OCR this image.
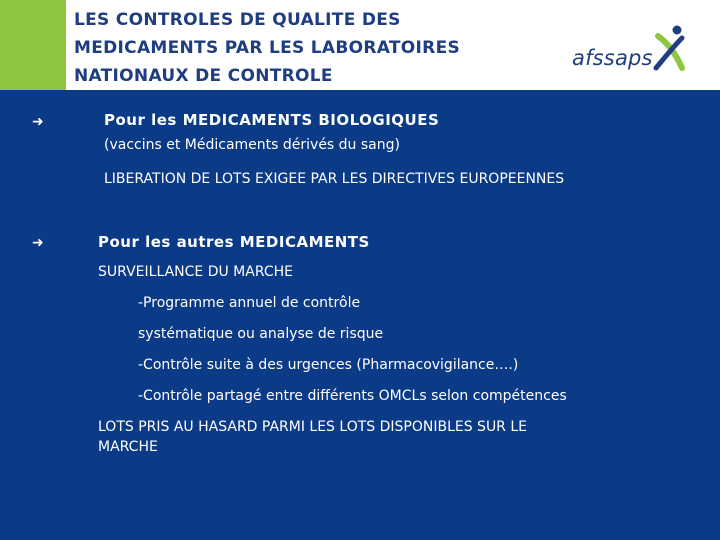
LES CONTROLES DE QUALITE DES
MEDICAMENTS PAR LES LABORATOIRES
NATIONAUX DE CONTROLE
afssaps
➜	Pour les MEDICAMENTS BIOLOGIQUES
(vaccins et Médicaments dérivés du sang)
LIBERATION DE LOTS EXIGEE PAR LES DIRECTIVES EUROPEENNES
➜	Pour les autres MEDICAMENTS
SURVEILLANCE DU MARCHE
-Programme annuel de contrôle
systématique ou analyse de risque
-Contrôle suite à des urgences (Pharmacovigilance….)
-Contrôle partagé entre différents OMCLs selon compétences
LOTS PRIS AU HASARD PARMI LES LOTS DISPONIBLES SUR LE
MARCHE
